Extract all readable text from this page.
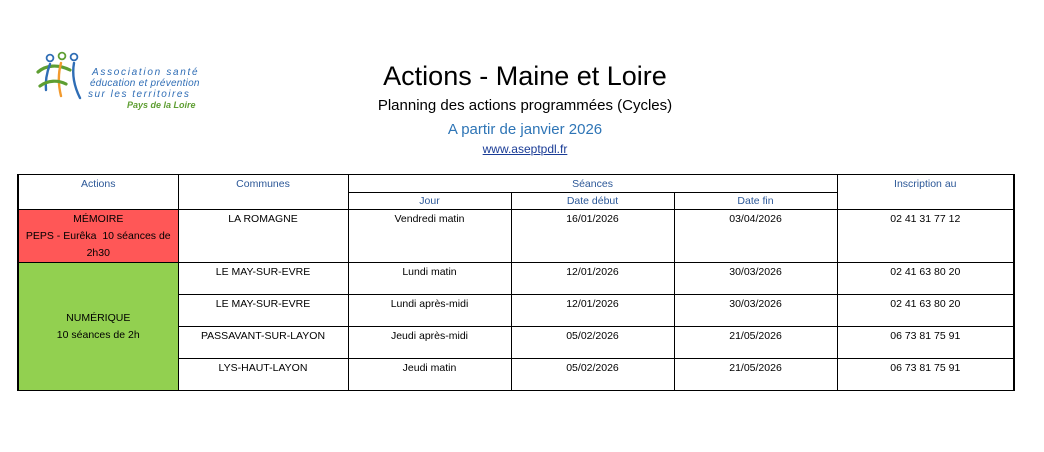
Association santé
éducation et prévention
sur les territoires
Pays de la Loire
Actions - Maine et Loire
Planning des actions programmées (Cycles)
A partir de janvier 2026
www.aseptpdl.fr
Actions	Communes	Séances			Inscription au
		Jour	Date début	Date fin	

MÉMOIRE
PEPS - Eurêka  10 séances de 2h30	LA ROMAGNE	Vendredi matin	16/01/2026	03/04/2026	02 41 31 77 12

NUMÉRIQUE
10 séances de 2h	LE MAY-SUR-EVRE	Lundi matin	12/01/2026	30/03/2026	02 41 63 80 20
	LE MAY-SUR-EVRE	Lundi après-midi	12/01/2026	30/03/2026	02 41 63 80 20
	PASSAVANT-SUR-LAYON	Jeudi après-midi	05/02/2026	21/05/2026	06 73 81 75 91
	LYS-HAUT-LAYON	Jeudi matin	05/02/2026	21/05/2026	06 73 81 75 91
